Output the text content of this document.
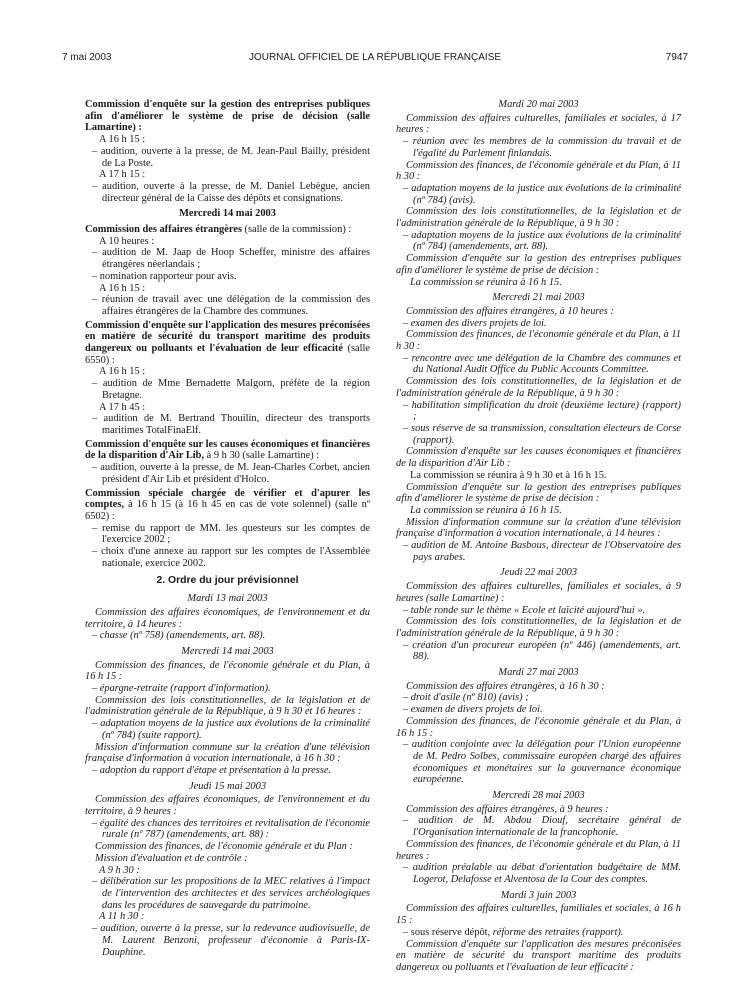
7 mai 2003	JOURNAL OFFICIEL DE LA RÉPUBLIQUE FRANÇAISE	7947

Commission d'enquête sur la gestion des entreprises publiques afin d'améliorer le système de prise de décision (salle Lamartine) :

A 16 h 15 :

– audition, ouverte à la presse, de M. Jean-Paul Bailly, président de La Poste.

A 17 h 15 :

– audition, ouverte à la presse, de M. Daniel Lebègue, ancien directeur général de la Caisse des dépôts et consignations.

Mercredi 14 mai 2003

Commission des affaires étrangères (salle de la commission) :

A 10 heures :

– audition de M. Jaap de Hoop Scheffer, ministre des affaires étrangères néerlandais ;

– nomination rapporteur pour avis.

A 16 h 15 :

– réunion de travail avec une délégation de la commission des affaires étrangères de la Chambre des communes.

Commission d'enquête sur l'application des mesures préconisées en matière de sécurité du transport maritime des produits dangereux ou polluants et l'évaluation de leur efficacité (salle 6550) :

A 16 h 15 :

– audition de Mme Bernadette Malgorn, préfète de la région Bretagne.

A 17 h 45 :

– audition de M. Bertrand Thouilin, directeur des transports maritimes TotalFinaElf.

Commission d'enquête sur les causes économiques et financières de la disparition d'Air Lib, à 9 h 30 (salle Lamartine) :

– audition, ouverte à la presse, de M. Jean-Charles Corbet, ancien président d'Air Lib et président d'Holco.

Commission spéciale chargée de vérifier et d'apurer les comptes, à 16 h 15 (à 16 h 45 en cas de vote solennel) (salle nº 6502) :

– remise du rapport de MM. les questeurs sur les comptes de l'exercice 2002 ;

– choix d'une annexe au rapport sur les comptes de l'Assemblée nationale, exercice 2002.

2. Ordre du jour prévisionnel

Mardi 13 mai 2003

Commission des affaires économiques, de l'environnement et du territoire, à 14 heures :

– chasse (nº 758) (amendements, art. 88).

Mercredi 14 mai 2003

Commission des finances, de l'économie générale et du Plan, à 16 h 15 :

– épargne-retraite (rapport d'information).

Commission des lois constitutionnelles, de la législation et de l'administration générale de la République, à 9 h 30 et 16 heures :

– adaptation moyens de la justice aux évolutions de la criminalité (nº 784) (suite rapport).

Mission d'information commune sur la création d'une télévision française d'information à vocation internationale, à 16 h 30 :

– adoption du rapport d'étape et présentation à la presse.

Jeudi 15 mai 2003

Commission des affaires économiques, de l'environnement et du territoire, à 9 heures :

– égalité des chances des territoires et revitalisation de l'économie rurale (nº 787) (amendements, art. 88) :

Commission des finances, de l'économie générale et du Plan :

Mission d'évaluation et de contrôle :

A 9 h 30 :

– délibération sur les propositions de la MEC relatives à l'impact de l'intervention des architectes et des services archéologiques dans les procédures de sauvegarde du patrimoine.

A 11 h 30 :

– audition, ouverte à la presse, sur la redevance audiovisuelle, de M. Laurent Benzoni, professeur d'économie à Paris-IX-Dauphine.

Mardi 20 mai 2003

Commission des affaires culturelles, familiales et sociales, à 17 heures :

– réunion avec les membres de la commission du travail et de l'égalité du Parlement finlandais.

Commission des finances, de l'économie générale et du Plan, à 11 h 30 :

– adaptation moyens de la justice aux évolutions de la criminalité (nº 784) (avis).

Commission des lois constitutionnelles, de la législation et de l'administration générale de la République, à 9 h 30 :

– adaptation moyens de la justice aux évolutions de la criminalité (nº 784) (amendements, art. 88).

Commission d'enquête sur la gestion des entreprises publiques afin d'améliorer le système de prise de décision :

La commission se réunira à 16 h 15.

Mercredi 21 mai 2003

Commission des affaires étrangères, à 10 heures :

– examen des divers projets de loi.

Commission des finances, de l'économie générale et du Plan, à 11 h 30 :

– rencontre avec une délégation de la Chambre des communes et du National Audit Office du Public Accounts Committee.

Commission des lois constitutionnelles, de la législation et de l'administration générale de la République, à 9 h 30 :

– habilitation simplification du droit (deuxième lecture) (rapport) ;

– sous réserve de sa transmission, consultation électeurs de Corse (rapport).

Commission d'enquête sur les causes économiques et financières de la disparition d'Air Lib :

La commission se réunira à 9 h 30 et à 16 h 15.

Commission d'enquête sur la gestion des entreprises publiques afin d'améliorer le système de prise de décision :

La commission se réunira à 16 h 15.

Mission d'information commune sur la création d'une télévision française d'information à vocation internationale, à 14 heures :

– audition de M. Antoine Basbous, directeur de l'Observatoire des pays arabes.

Jeudi 22 mai 2003

Commission des affaires culturelles, familiales et sociales, à 9 heures (salle Lamartine) :

– table ronde sur le thème « Ecole et laïcité aujourd'hui ».

Commission des lois constitutionnelles, de la législation et de l'administration générale de la République, à 9 h 30 :

– création d'un procureur européen (nº 446) (amendements, art. 88).

Mardi 27 mai 2003

Commission des affaires étrangères, à 16 h 30 :

– droit d'asile (nº 810) (avis) ;

– examen de divers projets de loi.

Commission des finances, de l'économie générale et du Plan, à 16 h 15 :

– audition conjointe avec la délégation pour l'Union européenne de M. Pedro Solbes, commissaire européen chargé des affaires économiques et monétaires sur la gouvernance économique européenne.

Mercredi 28 mai 2003

Commission des affaires étrangères, à 9 heures :

– audition de M. Abdou Diouf, secrétaire général de l'Organisation internationale de la francophonie.

Commission des finances, de l'économie générale et du Plan, à 11 heures :

– audition préalable au débat d'orientation budgétaire de MM. Logerot, Delafosse et Alventosa de la Cour des comptes.

Mardi 3 juin 2003

Commission des affaires culturelles, familiales et sociales, à 16 h 15 :

– sous réserve dépôt, réforme des retraites (rapport).

Commission d'enquête sur l'application des mesures préconisées en matière de sécurité du transport maritime des produits dangereux ou polluants et l'évaluation de leur efficacité :
